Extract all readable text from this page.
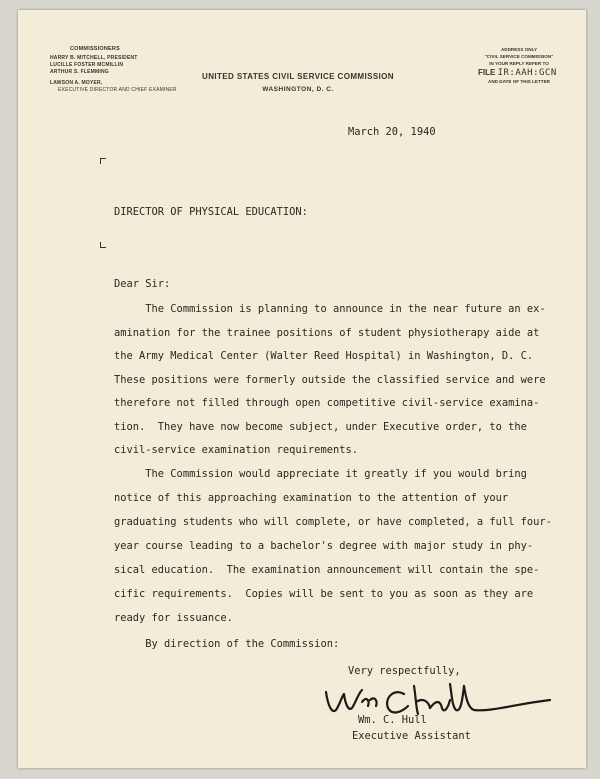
COMMISSIONERS
HARRY B. MITCHELL, PRESIDENT
LUCILLE FOSTER MCMILLIN
ARTHUR S. FLEMMING
LAWSON A. MOYER,
EXECUTIVE DIRECTOR AND CHIEF EXAMINER
UNITED STATES CIVIL SERVICE COMMISSION
WASHINGTON, D. C.
ADDRESS ONLY
"CIVIL SERVICE COMMISSION"
IN YOUR REPLY REFER TO
FILE IR:AAH:GCN
AND DATE OF THIS LETTER
March 20, 1940
DIRECTOR OF PHYSICAL EDUCATION:
Dear Sir:
The Commission is planning to announce in the near future an ex-
amination for the trainee positions of student physiotherapy aide at
the Army Medical Center (Walter Reed Hospital) in Washington, D. C.
These positions were formerly outside the classified service and were
therefore not filled through open competitive civil-service examina-
tion.  They have now become subject, under Executive order, to the
civil-service examination requirements.
The Commission would appreciate it greatly if you would bring
notice of this approaching examination to the attention of your
graduating students who will complete, or have completed, a full four-
year course leading to a bachelor's degree with major study in phy-
sical education.  The examination announcement will contain the spe-
cific requirements.  Copies will be sent to you as soon as they are
ready for issuance.
By direction of the Commission:
Very respectfully,
Wm. C. Hull
Executive Assistant
